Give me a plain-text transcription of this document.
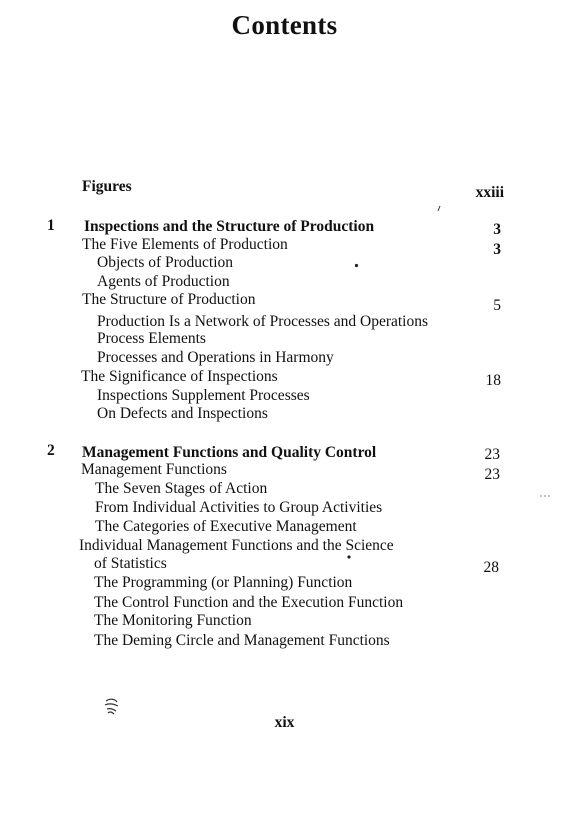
Contents
Figures	xxiii
1 Inspections and the Structure of Production	3
The Five Elements of Production	3
Objects of Production
Agents of Production
The Structure of Production	5
Production Is a Network of Processes and Operations
Process Elements
Processes and Operations in Harmony
The Significance of Inspections	18
Inspections Supplement Processes
On Defects and Inspections
2 Management Functions and Quality Control	23
Management Functions	23
The Seven Stages of Action
From Individual Activities to Group Activities
The Categories of Executive Management
Individual Management Functions and the Science
of Statistics	28
The Programming (or Planning) Function
The Control Function and the Execution Function
The Monitoring Function
The Deming Circle and Management Functions
xix
